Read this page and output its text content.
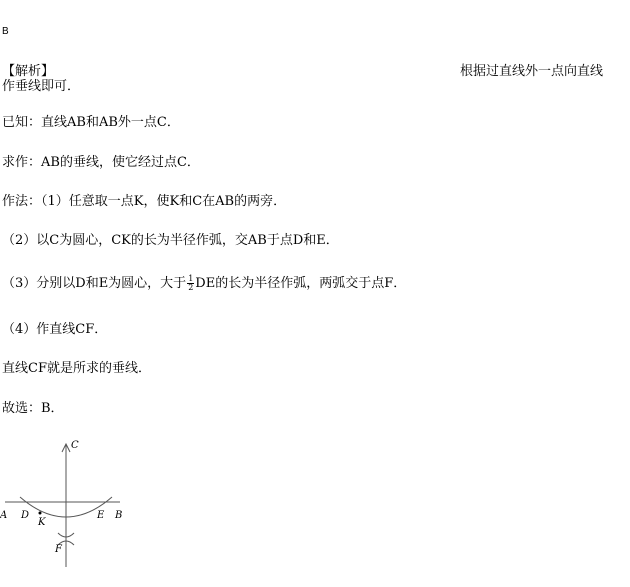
B
【解析】	根据过直线外一点向直线
作垂线即可．
已知：直线AB和AB外一点C．
求作：AB的垂线，使它经过点C．
作法：（1）任意取一点K，使K和C在AB的两旁．
（2）以C为圆心，CK的长为半径作弧，交AB于点D和E．
（3）分别以D和E为圆心，大于 $\frac{1}{2}$ DE的长为半径作弧，两弧交于点F．
（4）作直线CF．
直线CF就是所求的垂线．
故选：B．
C
A D
K
E B
F
